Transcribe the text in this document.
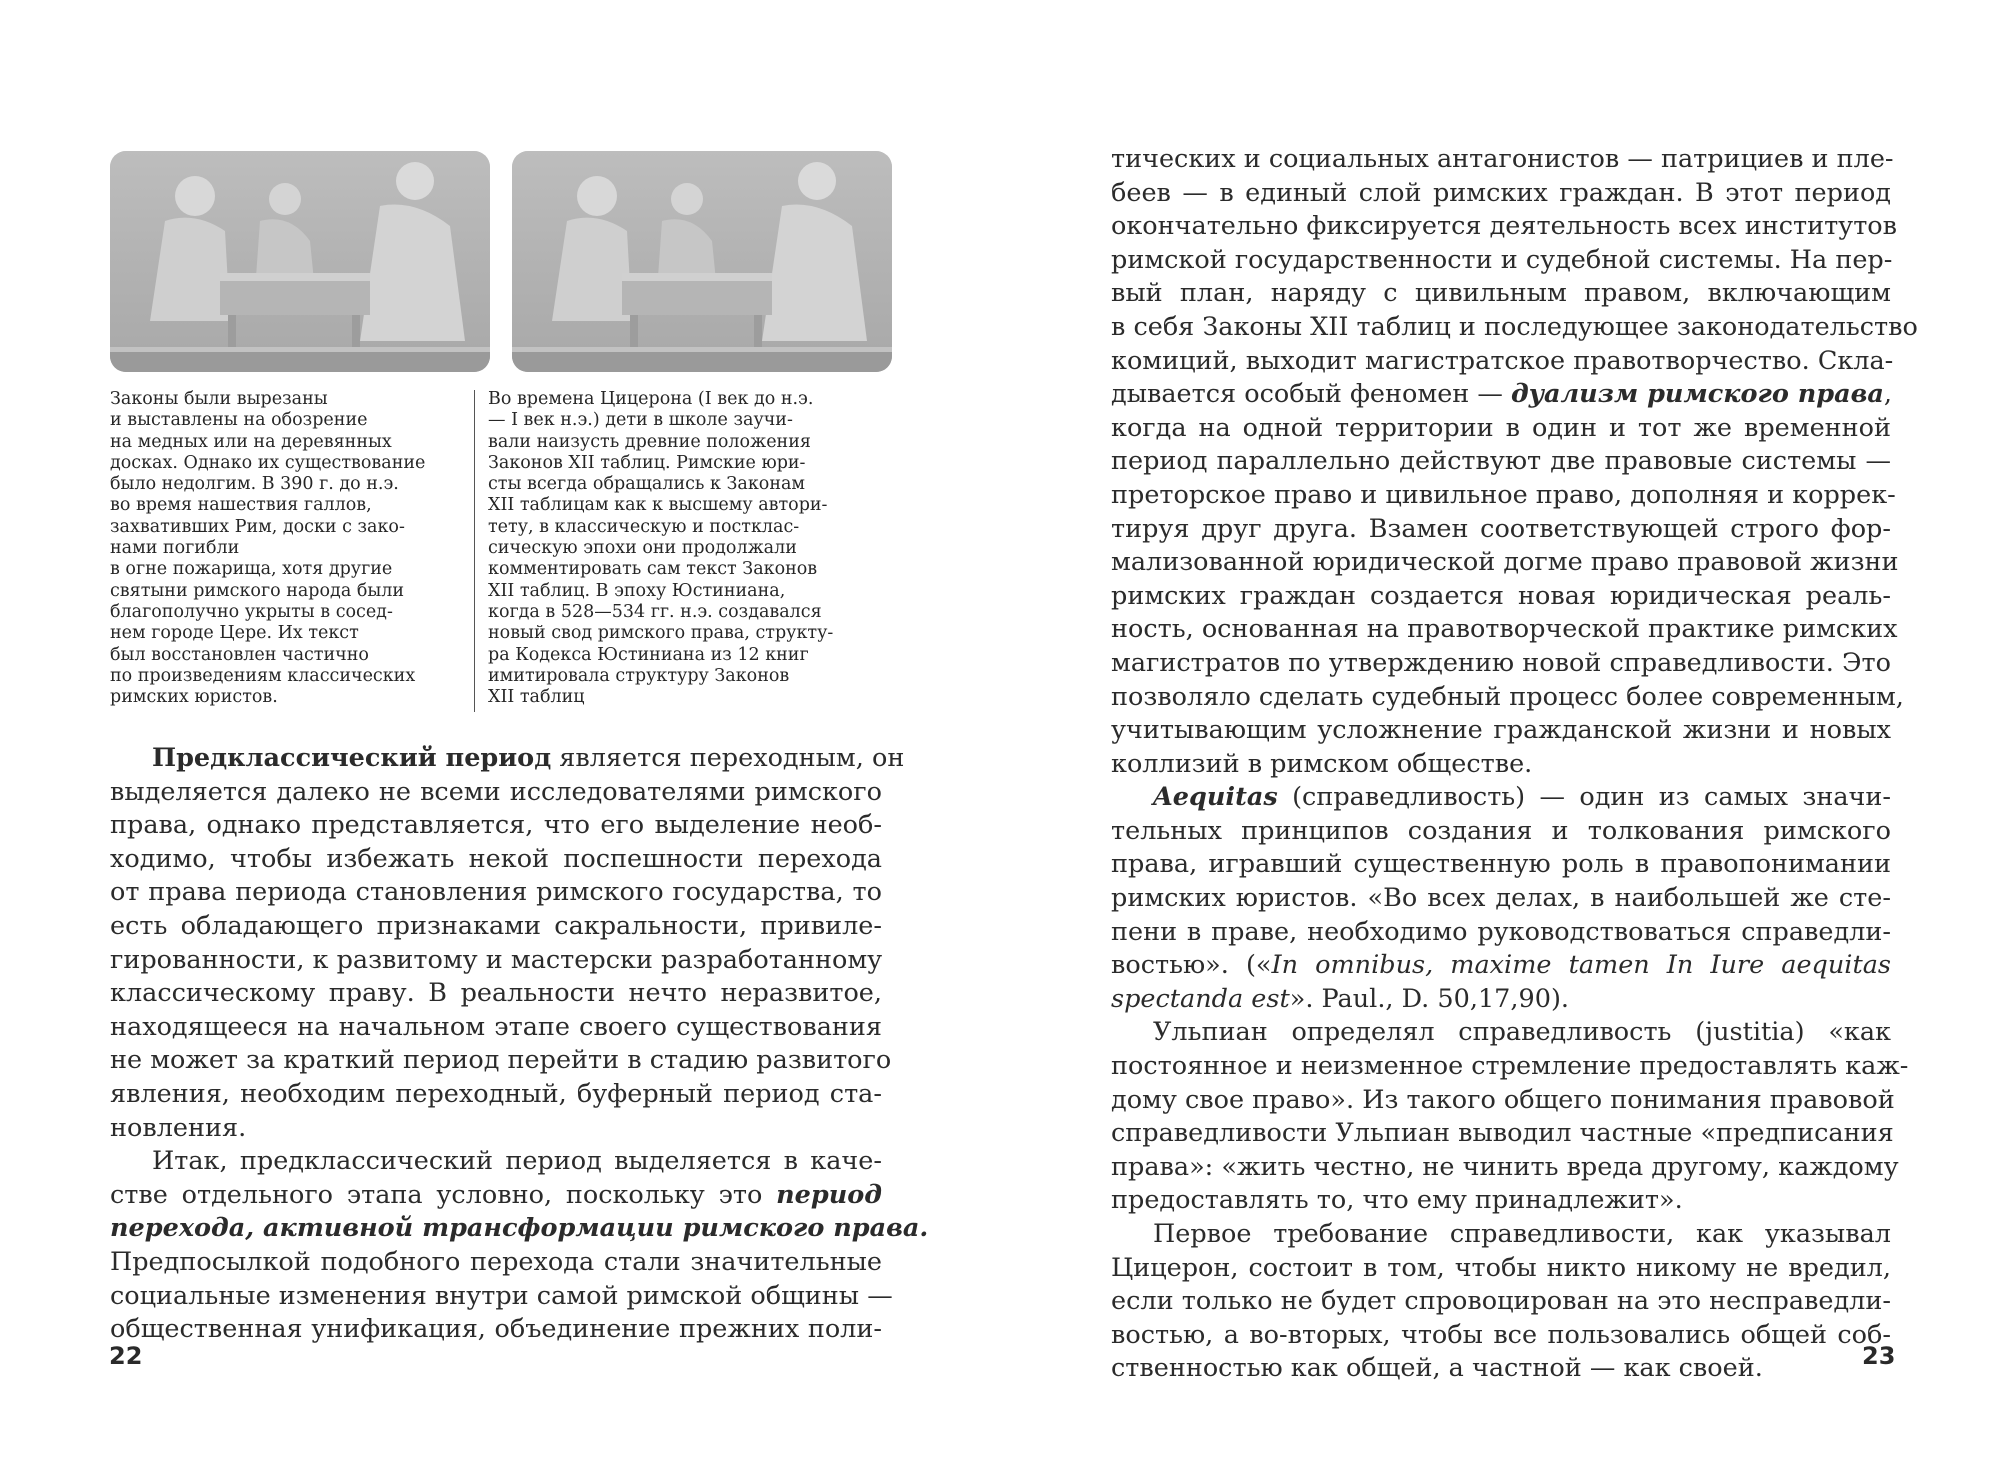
Законы были вырезаны
и выставлены на обозрение
на медных или на деревянных
досках. Однако их существование
было недолгим. В 390 г. до н.э.
во время нашествия галлов,
захвативших Рим, доски с зако-
нами погибли
в огне пожарища, хотя другие
святыни римского народа были
благополучно укрыты в сосед-
нем городе Цере. Их текст
был восстановлен частично
по произведениям классических
римских юристов.
Во времена Цицерона (I век до н.э.
— I век н.э.) дети в школе заучи-
вали наизусть древние положения
Законов XII таблиц. Римские юри-
сты всегда обращались к Законам
XII таблицам как к высшему автори-
тету, в классическую и постклас-
сическую эпохи они продолжали
комментировать сам текст Законов
XII таблиц. В эпоху Юстиниана,
когда в 528—534 гг. н.э. создавался
новый свод римского права, структу-
ра Кодекса Юстиниана из 12 книг
имитировала структуру Законов
XII таблиц
Предклассический период является переходным, он
выделяется далеко не всеми исследователями римского
права, однако представляется, что его выделение необ-
ходимо, чтобы избежать некой поспешности перехода
от права периода становления римского государства, то
есть обладающего признаками сакральности, привиле-
гированности, к развитому и мастерски разработанному
классическому праву. В реальности нечто неразвитое,
находящееся на начальном этапе своего существования
не может за краткий период перейти в стадию развитого
явления, необходим переходный, буферный период ста-
новления.
Итак, предклассический период выделяется в каче-
стве отдельного этапа условно, поскольку это период
перехода, активной трансформации римского права.
Предпосылкой подобного перехода стали значительные
социальные изменения внутри самой римской общины —
общественная унификация, объединение прежних поли-
22
тических и социальных антагонистов — патрициев и пле-
беев — в единый слой римских граждан. В этот период
окончательно фиксируется деятельность всех институтов
римской государственности и судебной системы. На пер-
вый план, наряду с цивильным правом, включающим
в себя Законы XII таблиц и последующее законодательство
комиций, выходит магистратское правотворчество. Скла-
дывается особый феномен — дуализм римского права,
когда на одной территории в один и тот же временной
период параллельно действуют две правовые системы —
преторское право и цивильное право, дополняя и коррек-
тируя друг друга. Взамен соответствующей строго фор-
мализованной юридической догме право правовой жизни
римских граждан создается новая юридическая реаль-
ность, основанная на правотворческой практике римских
магистратов по утверждению новой справедливости. Это
позволяло сделать судебный процесс более современным,
учитывающим усложнение гражданской жизни и новых
коллизий в римском обществе.
Aequitas (справедливость) — один из самых значи-
тельных принципов создания и толкования римского
права, игравший существенную роль в правопонимании
римских юристов. «Во всех делах, в наибольшей же сте-
пени в праве, необходимо руководствоваться справедли-
востью». («In omnibus, maxime tamen In Iure aequitas
spectanda est». Paul., D. 50,17,90).
Ульпиан определял справедливость (justitia) «как
постоянное и неизменное стремление предоставлять каж-
дому свое право». Из такого общего понимания правовой
справедливости Ульпиан выводил частные «предписания
права»: «жить честно, не чинить вреда другому, каждому
предоставлять то, что ему принадлежит».
Первое требование справедливости, как указывал
Цицерон, состоит в том, чтобы никто никому не вредил,
если только не будет спровоцирован на это несправедли-
востью, а во-вторых, чтобы все пользовались общей соб-
ственностью как общей, а частной — как своей.	23
